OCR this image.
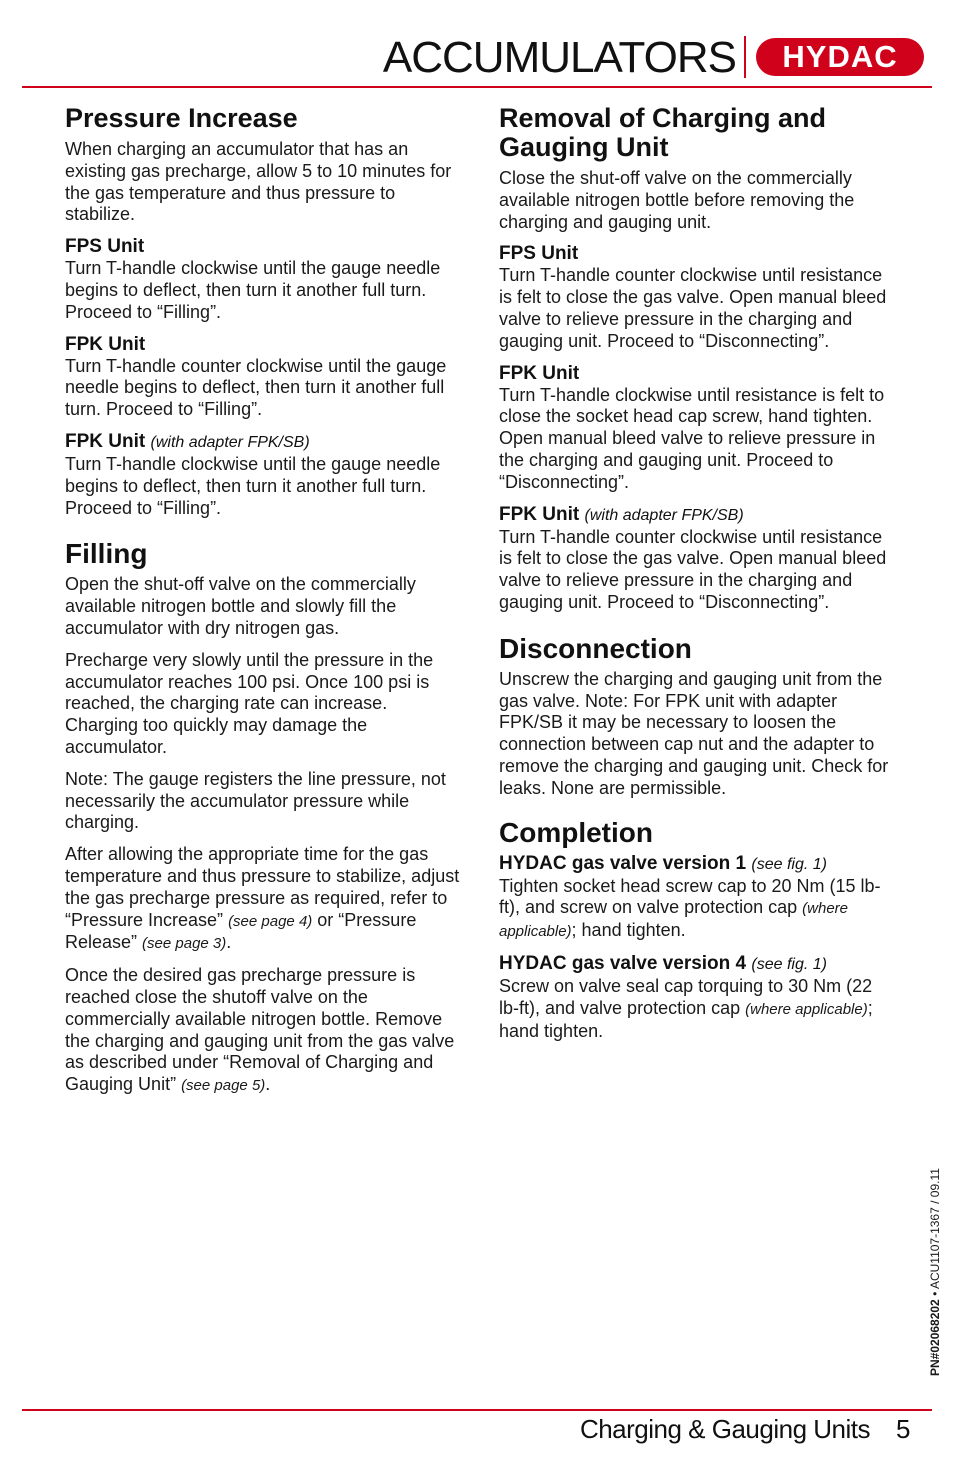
ACCUMULATORS	HYDAC
Pressure Increase

When charging an accumulator that has an existing gas precharge, allow 5 to 10 minutes for the gas temperature and thus pressure to stabilize.

FPS Unit

Turn T-handle clockwise until the gauge needle begins to deflect, then turn it another full turn. Proceed to “Filling”.

FPK Unit

Turn T-handle counter clockwise until the gauge needle begins to deflect, then turn it another full turn. Proceed to “Filling”.

FPK Unit (with adapter FPK/SB)

Turn T-handle clockwise until the gauge needle begins to deflect, then turn it another full turn. Proceed to “Filling”.

Filling

Open the shut-off valve on the commercially available nitrogen bottle and slowly fill the accumulator with dry nitrogen gas.

Precharge very slowly until the pressure in the accumulator reaches 100 psi. Once 100 psi is reached, the charging rate can increase. Charging too quickly may damage the accumulator.

Note: The gauge registers the line pressure, not necessarily the accumulator pressure while charging.

After allowing the appropriate time for the gas temperature and thus pressure to stabilize, adjust the gas precharge pressure as required, refer to “Pressure Increase” (see page 4) or “Pressure Release” (see page 3).

Once the desired gas precharge pressure is reached close the shutoff valve on the commercially available nitrogen bottle. Remove the charging and gauging unit from the gas valve as described under “Removal of Charging and Gauging Unit” (see page 5).

Removal of Charging and Gauging Unit

Close the shut-off valve on the commercially available nitrogen bottle before removing the charging and gauging unit.

FPS Unit

Turn T-handle counter clockwise until resistance is felt to close the gas valve. Open manual bleed valve to relieve pressure in the charging and gauging unit. Proceed to “Disconnecting”.

FPK Unit

Turn T-handle clockwise until resistance is felt to close the socket head cap screw, hand tighten. Open manual bleed valve to relieve pressure in the charging and gauging unit. Proceed to “Disconnecting”.

FPK Unit (with adapter FPK/SB)

Turn T-handle counter clockwise until resistance is felt to close the gas valve. Open manual bleed valve to relieve pressure in the charging and gauging unit. Proceed to “Disconnecting”.

Disconnection

Unscrew the charging and gauging unit from the gas valve. Note: For FPK unit with adapter FPK/SB it may be necessary to loosen the connection between cap nut and the adapter to remove the charging and gauging unit. Check for leaks. None are permissible.

Completion
HYDAC gas valve version 1 (see fig. 1)

Tighten socket head screw cap to 20 Nm (15 lb-ft), and screw on valve protection cap (where applicable); hand tighten.

HYDAC gas valve version 4 (see fig. 1)

Screw on valve seal cap torquing to 30 Nm (22 lb-ft), and valve protection cap (where applicable); hand tighten.

PN#02068202 • ACU1107-1367 / 09.11
Charging & Gauging Units 5
